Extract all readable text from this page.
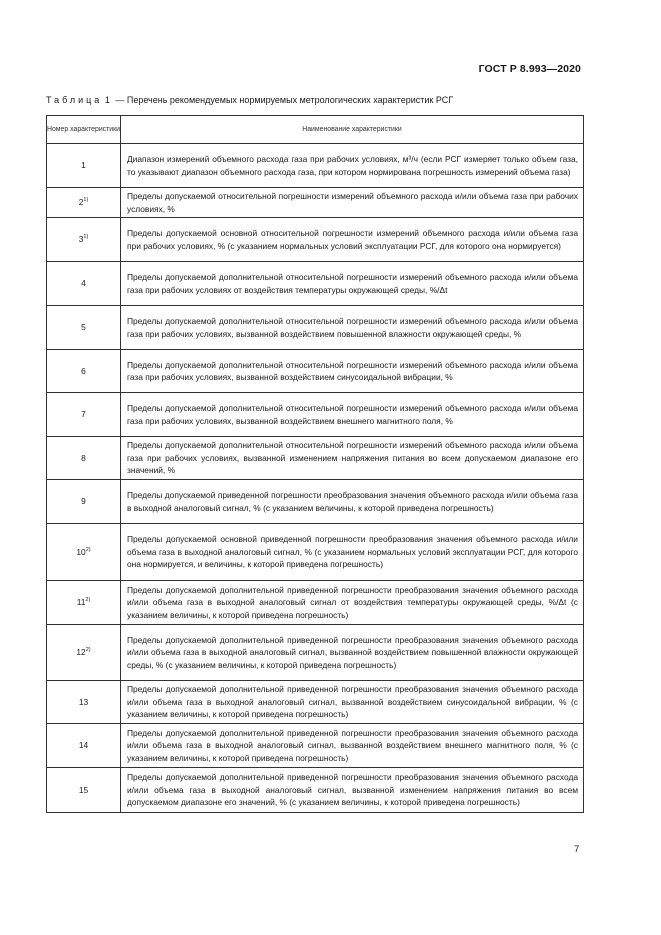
ГОСТ Р 8.993—2020
Таблица 1 — Перечень рекомендуемых нормируемых метрологических характеристик РСГ
Номер характеристики	Наименование характеристики
1	Диапазон измерений объемного расхода газа при рабочих условиях, м³/ч (если РСГ измеряет только объем газа, то указывают диапазон объемного расхода газа, при котором нормирована погрешность измерений объема газа)
2$^{1)}$	Пределы допускаемой относительной погрешности измерений объемного расхода и/или объема газа при рабочих условиях, %
3$^{1)}$	Пределы допускаемой основной относительной погрешности измерений объемного расхода и/или объема газа при рабочих условиях, % (с указанием нормальных условий эксплуатации РСГ, для которого она нормируется)
4	Пределы допускаемой дополнительной относительной погрешности измерений объемного расхода и/или объема газа при рабочих условиях от воздействия температуры окружающей среды, %/Δt
5	Пределы допускаемой дополнительной относительной погрешности измерений объемного расхода и/или объема газа при рабочих условиях, вызванной воздействием повышенной влажности окружающей среды, %
6	Пределы допускаемой дополнительной относительной погрешности измерений объемного расхода и/или объема газа при рабочих условиях, вызванной воздействием синусоидальной вибрации, %
7	Пределы допускаемой дополнительной относительной погрешности измерений объемного расхода и/или объема газа при рабочих условиях, вызванной воздействием внешнего магнитного поля, %
8	Пределы допускаемой дополнительной относительной погрешности измерений объемного расхода и/или объема газа при рабочих условиях, вызванной изменением напряжения питания во всем допускаемом диапазоне его значений, %
9	Пределы допускаемой приведенной погрешности преобразования значения объемного расхода и/или объема газа в выходной аналоговый сигнал, % (с указанием величины, к которой приведена погрешность)
10$^{2)}$	Пределы допускаемой основной приведенной погрешности преобразования значения объемного расхода и/или объема газа в выходной аналоговый сигнал, % (с указанием нормальных условий эксплуатации РСГ, для которого она нормируется, и величины, к которой приведена погрешность)
11$^{2)}$	Пределы допускаемой дополнительной приведенной погрешности преобразования значения объемного расхода и/или объема газа в выходной аналоговый сигнал от воздействия температуры окружающей среды, %/Δt (с указанием величины, к которой приведена погрешность)
12$^{2)}$	Пределы допускаемой дополнительной приведенной погрешности преобразования значения объемного расхода и/или объема газа в выходной аналоговый сигнал, вызванной воздействием повышенной влажности окружающей среды, % (с указанием величины, к которой приведена погрешность)
13	Пределы допускаемой дополнительной приведенной погрешности преобразования значения объемного расхода и/или объема газа в выходной аналоговый сигнал, вызванной воздействием синусоидальной вибрации, % (с указанием величины, к которой приведена погрешность)
14	Пределы допускаемой дополнительной приведенной погрешности преобразования значения объемного расхода и/или объема газа в выходной аналоговый сигнал, вызванной воздействием внешнего магнитного поля, % (с указанием величины, к которой приведена погрешность)
15	Пределы допускаемой дополнительной приведенной погрешности преобразования значения объемного расхода и/или объема газа в выходной аналоговый сигнал, вызванной изменением напряжения питания во всем допускаемом диапазоне его значений, % (с указанием величины, к которой приведена погрешность)
7
